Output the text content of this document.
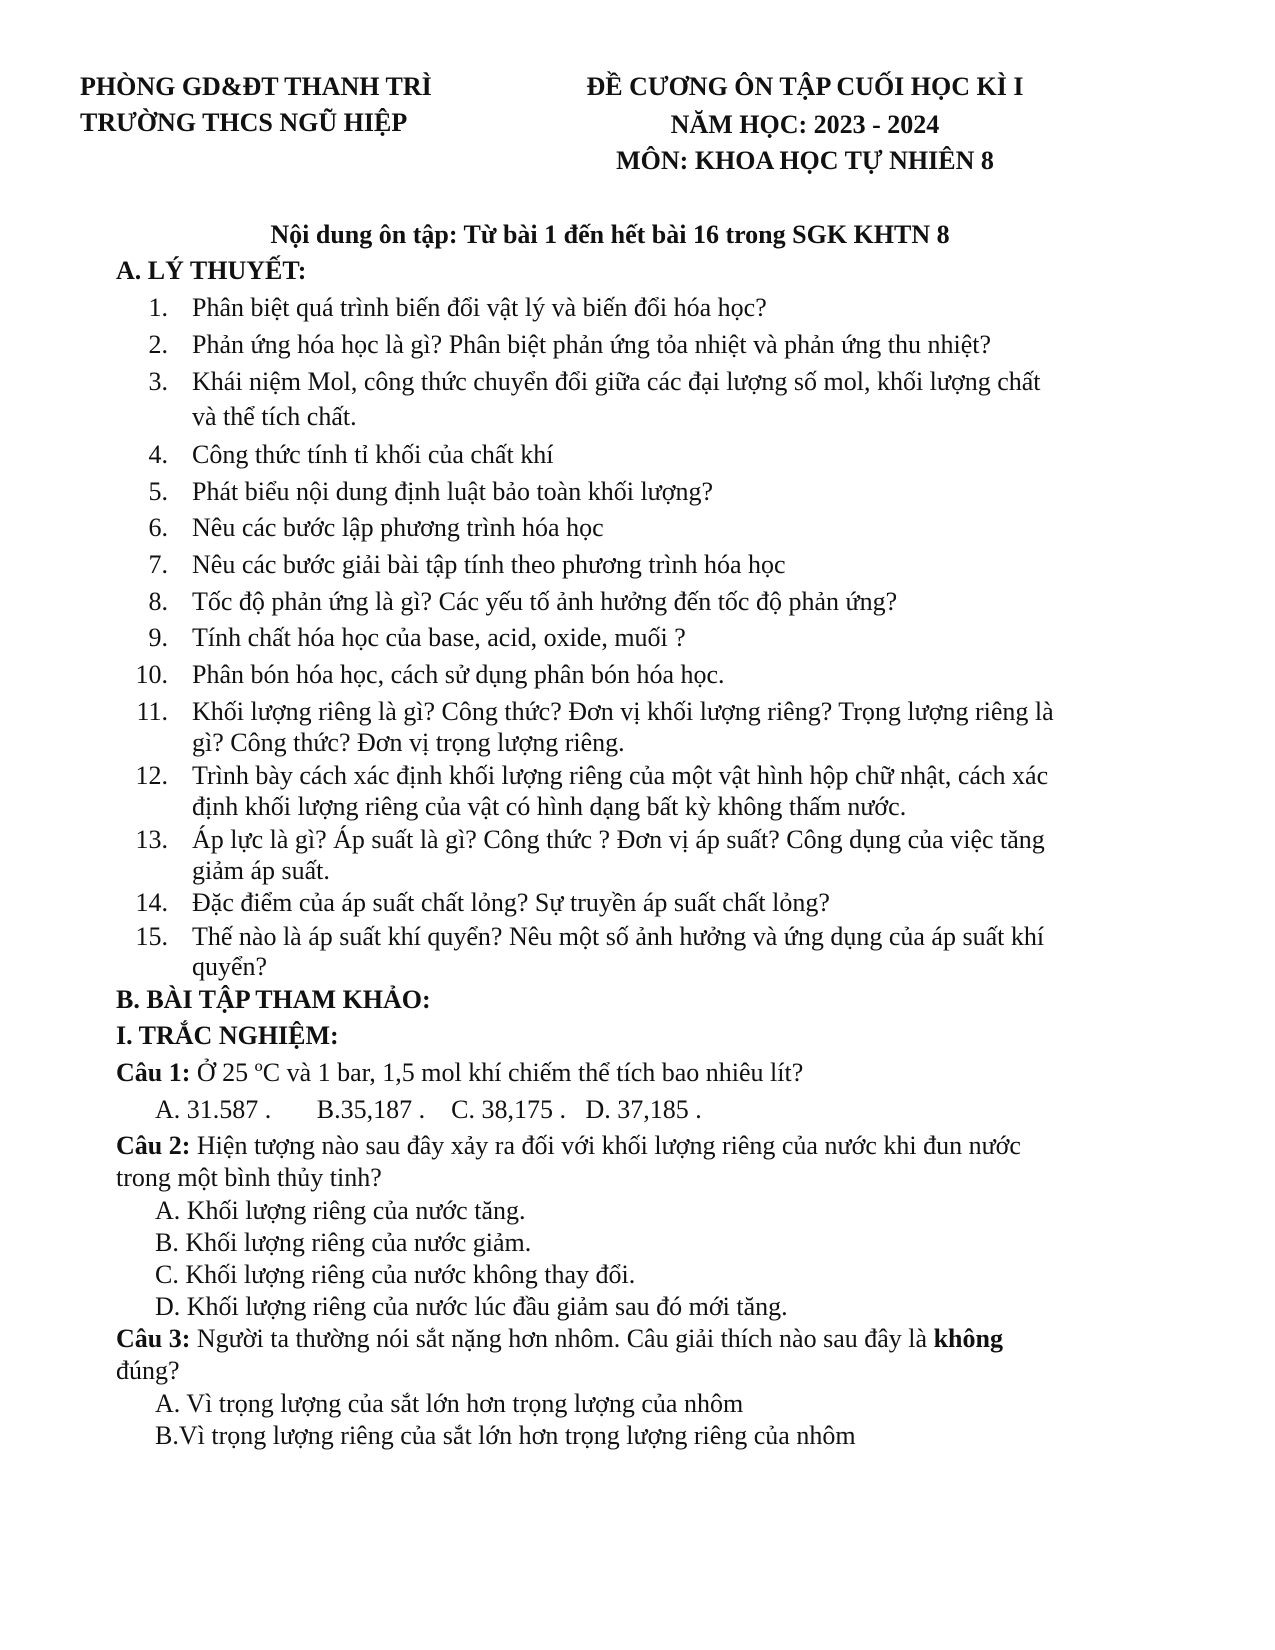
PHÒNG GD&ĐT THANH TRÌ
TRƯỜNG THCS NGŨ HIỆP
ĐỀ CƯƠNG ÔN TẬP CUỐI HỌC KÌ I
NĂM HỌC: 2023 - 2024
MÔN: KHOA HỌC TỰ NHIÊN 8
Nội dung ôn tập: Từ bài 1 đến hết bài 16 trong SGK KHTN 8
A. LÝ THUYẾT:
1. Phân biệt quá trình biến đổi vật lý và biến đổi hóa học?
2. Phản ứng hóa học là gì? Phân biệt phản ứng tỏa nhiệt và phản ứng thu nhiệt?
3. Khái niệm Mol, công thức chuyển đổi giữa các đại lượng số mol, khối lượng chất
và thể tích chất.
4. Công thức tính tỉ khối của chất khí
5. Phát biểu nội dung định luật bảo toàn khối lượng?
6. Nêu các bước lập phương trình hóa học
7. Nêu các bước giải bài tập tính theo phương trình hóa học
8. Tốc độ phản ứng là gì? Các yếu tố ảnh hưởng đến tốc độ phản ứng?
9. Tính chất hóa học của base, acid, oxide, muối ?
10. Phân bón hóa học, cách sử dụng phân bón hóa học.
11. Khối lượng riêng là gì? Công thức? Đơn vị khối lượng riêng? Trọng lượng riêng là
gì? Công thức? Đơn vị trọng lượng riêng.
12. Trình bày cách xác định khối lượng riêng của một vật hình hộp chữ nhật, cách xác
định khối lượng riêng của vật có hình dạng bất kỳ không thấm nước.
13. Áp lực là gì? Áp suất là gì? Công thức ? Đơn vị áp suất? Công dụng của việc tăng
giảm áp suất.
14. Đặc điểm của áp suất chất lỏng? Sự truyền áp suất chất lỏng?
15. Thế nào là áp suất khí quyển? Nêu một số ảnh hưởng và ứng dụng của áp suất khí
quyển?
B. BÀI TẬP THAM KHẢO:
I. TRẮC NGHIỆM:
Câu 1: Ở 25 ºC và 1 bar, 1,5 mol khí chiếm thể tích bao nhiêu lít?
A. 31.587 .       B.35,187 .    C. 38,175 .   D. 37,185 .
Câu 2: Hiện tượng nào sau đây xảy ra đối với khối lượng riêng của nước khi đun nước
trong một bình thủy tinh?
A. Khối lượng riêng của nước tăng.
B. Khối lượng riêng của nước giảm.
C. Khối lượng riêng của nước không thay đổi.
D. Khối lượng riêng của nước lúc đầu giảm sau đó mới tăng.
Câu 3: Người ta thường nói sắt nặng hơn nhôm. Câu giải thích nào sau đây là không
đúng?
A. Vì trọng lượng của sắt lớn hơn trọng lượng của nhôm
B.Vì trọng lượng riêng của sắt lớn hơn trọng lượng riêng của nhôm
